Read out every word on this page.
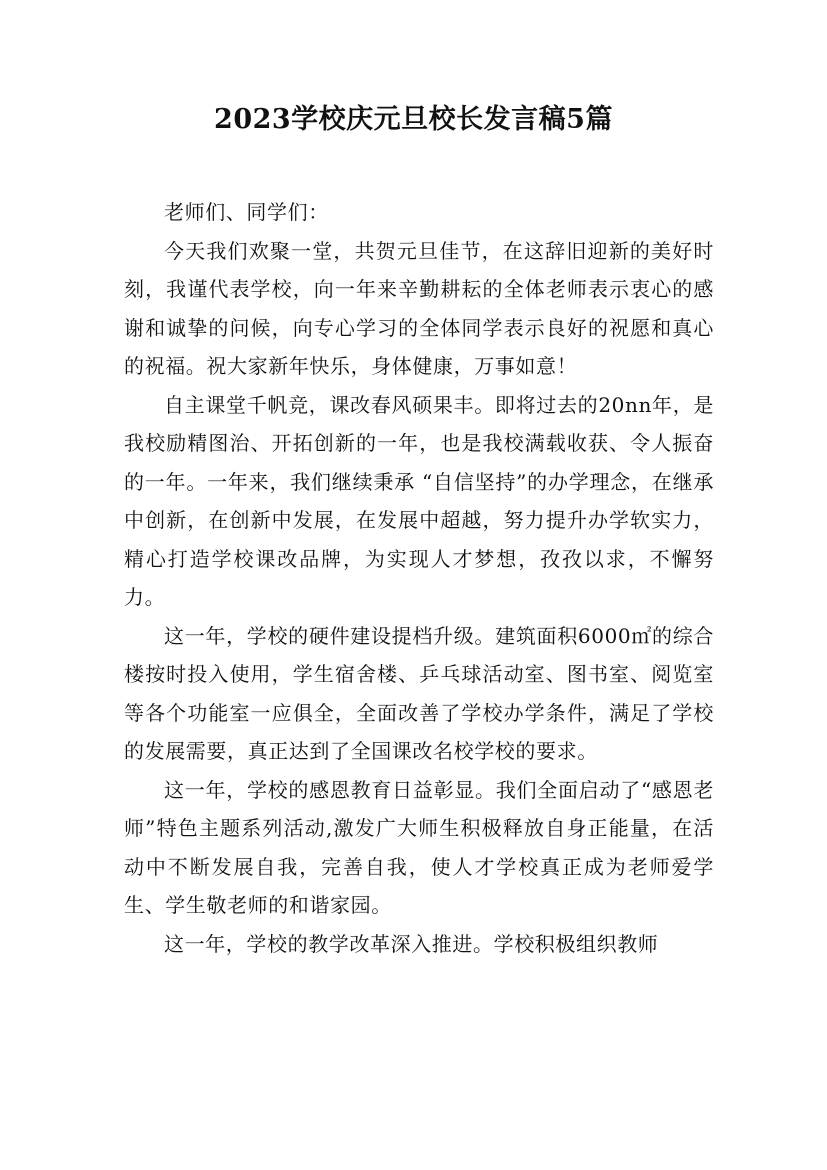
2023学校庆元旦校长发言稿5篇

老师们、同学们：

今天我们欢聚一堂，共贺元旦佳节，在这辞旧迎新的美好时刻，我谨代表学校，向一年来辛勤耕耘的全体老师表示衷心的感谢和诚挚的问候，向专心学习的全体同学表示良好的祝愿和真心的祝福。祝大家新年快乐，身体健康，万事如意！

自主课堂千帆竞，课改春风硕果丰。即将过去的20nn年，是我校励精图治、开拓创新的一年，也是我校满载收获、令人振奋的一年。一年来，我们继续秉承 “自信坚持”的办学理念，在继承中创新，在创新中发展，在发展中超越，努力提升办学软实力，精心打造学校课改品牌，为实现人才梦想，孜孜以求，不懈努力。

这一年，学校的硬件建设提档升级。建筑面积6000㎡的综合楼按时投入使用，学生宿舍楼、乒乓球活动室、图书室、阅览室等各个功能室一应俱全，全面改善了学校办学条件，满足了学校的发展需要，真正达到了全国课改名校学校的要求。

这一年，学校的感恩教育日益彰显。我们全面启动了“感恩老师”特色主题系列活动,激发广大师生积极释放自身正能量，在活动中不断发展自我，完善自我，使人才学校真正成为老师爱学生、学生敬老师的和谐家园。

这一年，学校的教学改革深入推进。学校积极组织教师
